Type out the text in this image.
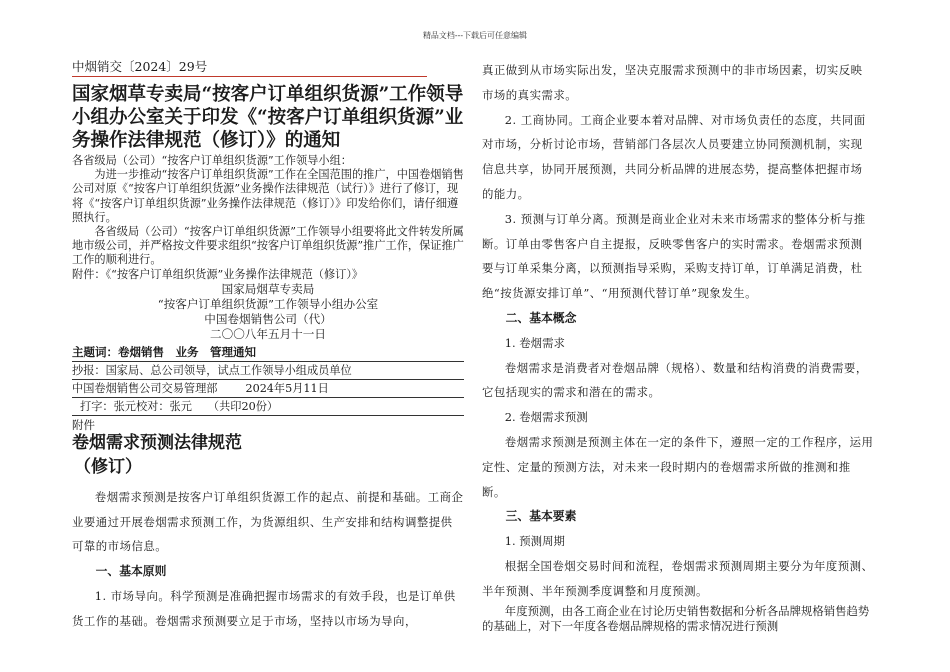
精品文档---下载后可任意编辑
中烟销交〔2024〕29号
国家烟草专卖局“按客户订单组织货源”工作领导小组办公室关于印发《“按客户订单组织货源”业务操作法律规范（修订）》的通知

各省级局（公司）“按客户订单组织货源”工作领导小组：

为进一步推动“按客户订单组织货源”工作在全国范围的推广，中国卷烟销售公司对原《“按客户订单组织货源”业务操作法律规范（试行）》进行了修订，现将《“按客户订单组织货源”业务操作法律规范（修订）》印发给你们，请仔细遵照执行。

各省级局（公司）“按客户订单组织货源”工作领导小组要将此文件转发所属地市级公司，并严格按文件要求组织“按客户订单组织货源”推广工作，保证推广工作的顺利进行。

附件：《“按客户订单组织货源”业务操作法律规范（修订）》

国家局烟草专卖局

“按客户订单组织货源”工作领导小组办公室

中国卷烟销售公司（代）

二〇〇八年五月十一日

主题词：卷烟销售　业务　管理通知
抄报：国家局、总公司领导，试点工作领导小组成员单位
中国卷烟销售公司交易管理部	2024年5月11日
打字：张元校对：张元 （共印20份）
附件

卷烟需求预测法律规范

（修订）

卷烟需求预测是按客户订单组织货源工作的起点、前提和基础。工商企业要通过开展卷烟需求预测工作，为货源组织、生产安排和结构调整提供可靠的市场信息。

一、基本原则

1. 市场导向。科学预测是准确把握市场需求的有效手段，也是订单供货工作的基础。卷烟需求预测要立足于市场，坚持以市场为导向，

真正做到从市场实际出发，坚决克服需求预测中的非市场因素，切实反映市场的真实需求。

2. 工商协同。工商企业要本着对品牌、对市场负责任的态度，共同面对市场，分析讨论市场，营销部门各层次人员要建立协同预测机制，实现信息共享，协同开展预测，共同分析品牌的进展态势，提高整体把握市场的能力。

3. 预测与订单分离。预测是商业企业对未来市场需求的整体分析与推断。订单由零售客户自主提报，反映零售客户的实时需求。卷烟需求预测要与订单采集分离，以预测指导采购，采购支持订单，订单满足消费，杜绝“按货源安排订单”、“用预测代替订单”现象发生。

二、基本概念

1. 卷烟需求

卷烟需求是消费者对卷烟品牌（规格）、数量和结构消费的消费需要，它包括现实的需求和潜在的需求。

2. 卷烟需求预测

卷烟需求预测是预测主体在一定的条件下，遵照一定的工作程序，运用定性、定量的预测方法，对未来一段时期内的卷烟需求所做的推测和推断。

三、基本要素

1. 预测周期

根据全国卷烟交易时间和流程，卷烟需求预测周期主要分为年度预测、半年预测、半年预测季度调整和月度预测。

年度预测，由各工商企业在讨论历史销售数据和分析各品牌规格销售趋势的基础上，对下一年度各卷烟品牌规格的需求情况进行预测
